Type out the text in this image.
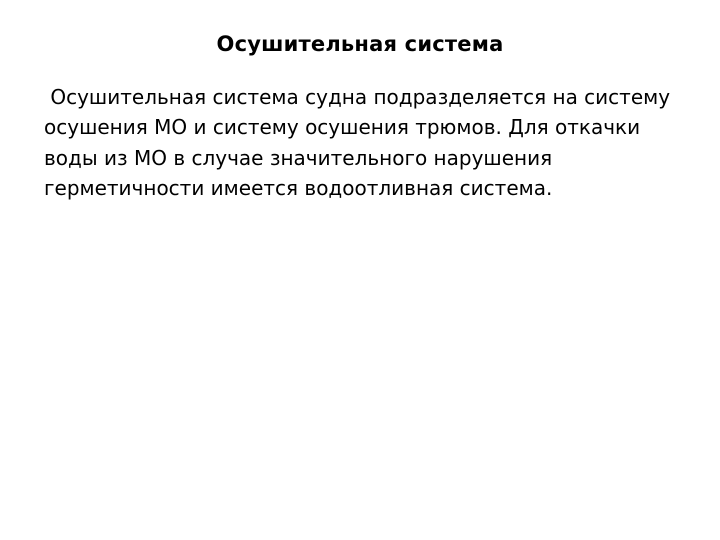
Осушительная система
Осушительная система судна подразделяется на систему осушения МО и систему осушения трюмов. Для откачки воды из МО в случае значительного нарушения герметичности имеется водоотливная система.
